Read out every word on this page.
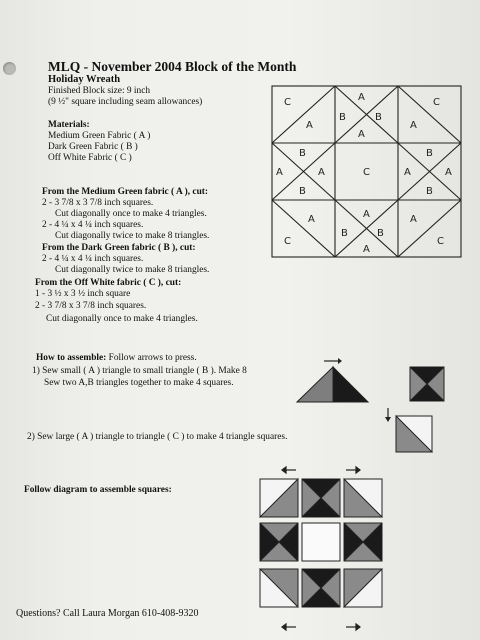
MLQ - November 2004 Block of the Month
Holiday Wreath
Finished Block size: 9 inch
(9 ½" square including seam allowances)
Materials:
Medium Green Fabric ( A )
Dark Green Fabric ( B )
Off White Fabric ( C )
From the Medium Green fabric ( A ), cut:
2 - 3 7/8 x 3 7/8 inch squares.
Cut diagonally once to make 4 triangles.
2 - 4 ¼ x 4 ¼ inch squares.
Cut diagonally twice to make 8 triangles.
From the Dark Green fabric ( B ), cut:
2 - 4 ¼ x 4 ¼ inch squares.
Cut diagonally twice to make 8 triangles.
From the Off White fabric ( C ), cut:
1 - 3 ½ x 3 ½ inch square
2 - 3 7/8 x 3 7/8 inch squares.
Cut diagonally once to make 4 triangles.
How to assemble: Follow arrows to press.
1) Sew small ( A ) triangle to small triangle ( B ). Make 8
Sew two A,B triangles together to make 4 squares.
2) Sew large ( A ) triangle to triangle ( C ) to make 4 triangle squares.
Follow diagram to assemble squares:
Questions? Call Laura Morgan 610-408-9320
C
A
A
B	B
A
C
A
B
A	A
B
C
B
A	A
B
A
C
A
B	B
A
A
C
